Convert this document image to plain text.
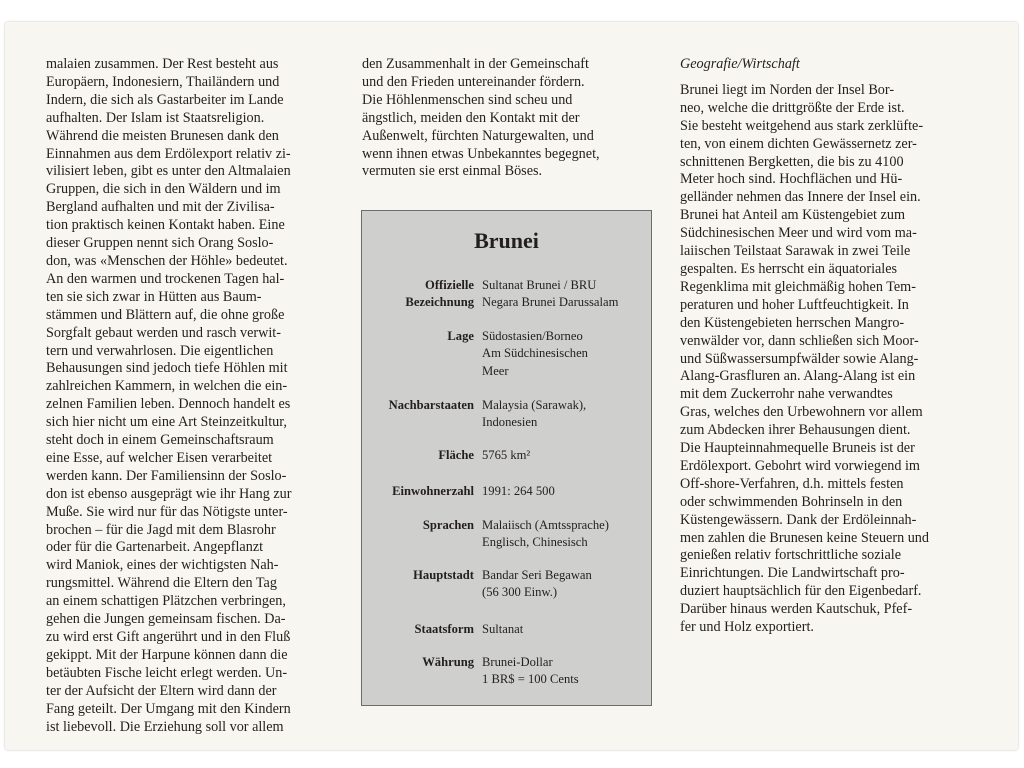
malaien zusammen. Der Rest besteht aus
Europäern, Indonesiern, Thailändern und
Indern, die sich als Gastarbeiter im Lande
aufhalten. Der Islam ist Staatsreligion.
Während die meisten Brunesen dank den
Einnahmen aus dem Erdölexport relativ zi-
vilisiert leben, gibt es unter den Altmalaien
Gruppen, die sich in den Wäldern und im
Bergland aufhalten und mit der Zivilisa-
tion praktisch keinen Kontakt haben. Eine
dieser Gruppen nennt sich Orang Soslo-
don, was «Menschen der Höhle» bedeutet.
An den warmen und trockenen Tagen hal-
ten sie sich zwar in Hütten aus Baum-
stämmen und Blättern auf, die ohne große
Sorgfalt gebaut werden und rasch verwit-
tern und verwahrlosen. Die eigentlichen
Behausungen sind jedoch tiefe Höhlen mit
zahlreichen Kammern, in welchen die ein-
zelnen Familien leben. Dennoch handelt es
sich hier nicht um eine Art Steinzeitkultur,
steht doch in einem Gemeinschaftsraum
eine Esse, auf welcher Eisen verarbeitet
werden kann. Der Familiensinn der Soslo-
don ist ebenso ausgeprägt wie ihr Hang zur
Muße. Sie wird nur für das Nötigste unter-
brochen – für die Jagd mit dem Blasrohr
oder für die Gartenarbeit. Angepflanzt
wird Maniok, eines der wichtigsten Nah-
rungsmittel. Während die Eltern den Tag
an einem schattigen Plätzchen verbringen,
gehen die Jungen gemeinsam fischen. Da-
zu wird erst Gift angerührt und in den Fluß
gekippt. Mit der Harpune können dann die
betäubten Fische leicht erlegt werden. Un-
ter der Aufsicht der Eltern wird dann der
Fang geteilt. Der Umgang mit den Kindern
ist liebevoll. Die Erziehung soll vor allem

den Zusammenhalt in der Gemeinschaft
und den Frieden untereinander fördern.
Die Höhlenmenschen sind scheu und
ängstlich, meiden den Kontakt mit der
Außenwelt, fürchten Naturgewalten, und
wenn ihnen etwas Unbekanntes begegnet,
vermuten sie erst einmal Böses.

Brunei
Offizielle
Bezeichnung
Sultanat Brunei / BRU
Negara Brunei Darussalam
Lage Südostasien/Borneo
Am Südchinesischen
Meer
Nachbarstaaten Malaysia (Sarawak),
Indonesien
Fläche 5765 km²
Einwohnerzahl 1991: 264 500
Sprachen Malaiisch (Amtssprache)
Englisch, Chinesisch
Hauptstadt Bandar Seri Begawan
(56 300 Einw.)
Staatsform Sultanat
Währung Brunei-Dollar
1 BR$ = 100 Cents
Geografie/Wirtschaft

Brunei liegt im Norden der Insel Bor-
neo, welche die drittgrößte der Erde ist.
Sie besteht weitgehend aus stark zerklüfte-
ten, von einem dichten Gewässernetz zer-
schnittenen Bergketten, die bis zu 4100
Meter hoch sind. Hochflächen und Hü-
gelländer nehmen das Innere der Insel ein.
Brunei hat Anteil am Küstengebiet zum
Südchinesischen Meer und wird vom ma-
laiischen Teilstaat Sarawak in zwei Teile
gespalten. Es herrscht ein äquatoriales
Regenklima mit gleichmäßig hohen Tem-
peraturen und hoher Luftfeuchtigkeit. In
den Küstengebieten herrschen Mangro-
venwälder vor, dann schließen sich Moor-
und Süßwassersumpfwälder sowie Alang-
Alang-Grasfluren an. Alang-Alang ist ein
mit dem Zuckerrohr nahe verwandtes
Gras, welches den Urbewohnern vor allem
zum Abdecken ihrer Behausungen dient.
Die Haupteinnahmequelle Bruneis ist der
Erdölexport. Gebohrt wird vorwiegend im
Off-shore-Verfahren, d.h. mittels festen
oder schwimmenden Bohrinseln in den
Küstengewässern. Dank der Erdöleinnah-
men zahlen die Brunesen keine Steuern und
genießen relativ fortschrittliche soziale
Einrichtungen. Die Landwirtschaft pro-
duziert hauptsächlich für den Eigenbedarf.
Darüber hinaus werden Kautschuk, Pfef-
fer und Holz exportiert.
